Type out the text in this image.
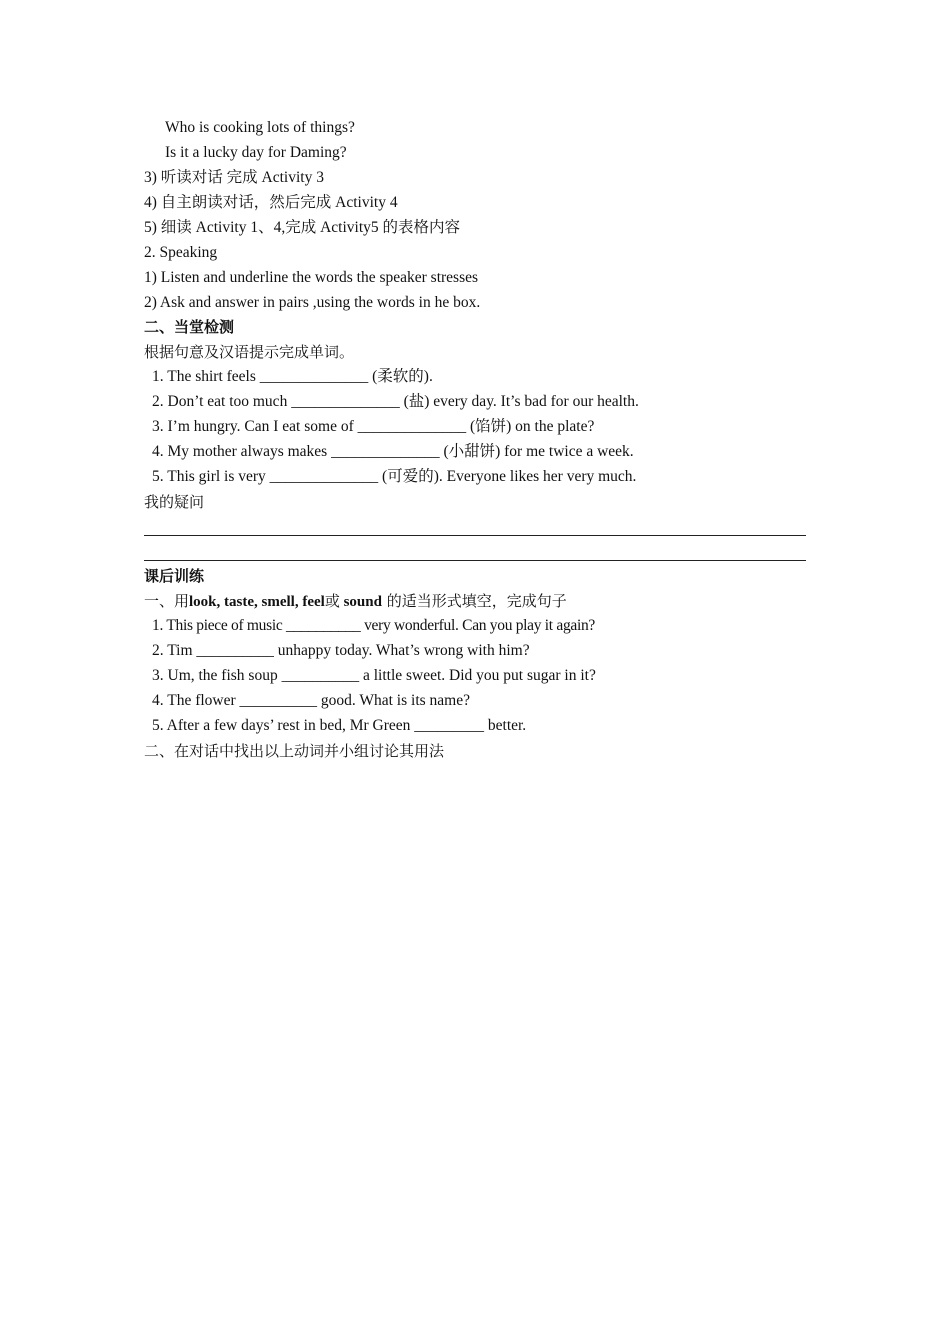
Who is cooking lots of things?
Is it a lucky day for Daming?
3) 听读对话 完成 Activity 3
4) 自主朗读对话，然后完成 Activity 4
5) 细读 Activity 1、4,完成 Activity5 的表格内容
2. Speaking
1) Listen and underline the words the speaker stresses
2) Ask and answer in pairs ,using the words in he box.
二、当堂检测
根据句意及汉语提示完成单词。
1. The shirt feels ______________ (柔软的).
2. Don’t eat too much ______________ (盐) every day. It’s bad for our health.
3. I’m hungry. Can I eat some of ______________ (馅饼) on the plate?
4. My mother always makes ______________ (小甜饼) for me twice a week.
5. This girl is very ______________ (可爱的). Everyone likes her very much.
我的疑问
课后训练
一、用look, taste, smell, feel或 sound 的适当形式填空，完成句子
1. This piece of music __________ very wonderful. Can you play it again?
2. Tim __________ unhappy today. What’s wrong with him?
3. Um, the fish soup __________ a little sweet. Did you put sugar in it?
4. The flower __________ good. What is its name?
5. After a few days’ rest in bed, Mr Green _________ better.
二、在对话中找出以上动词并小组讨论其用法
